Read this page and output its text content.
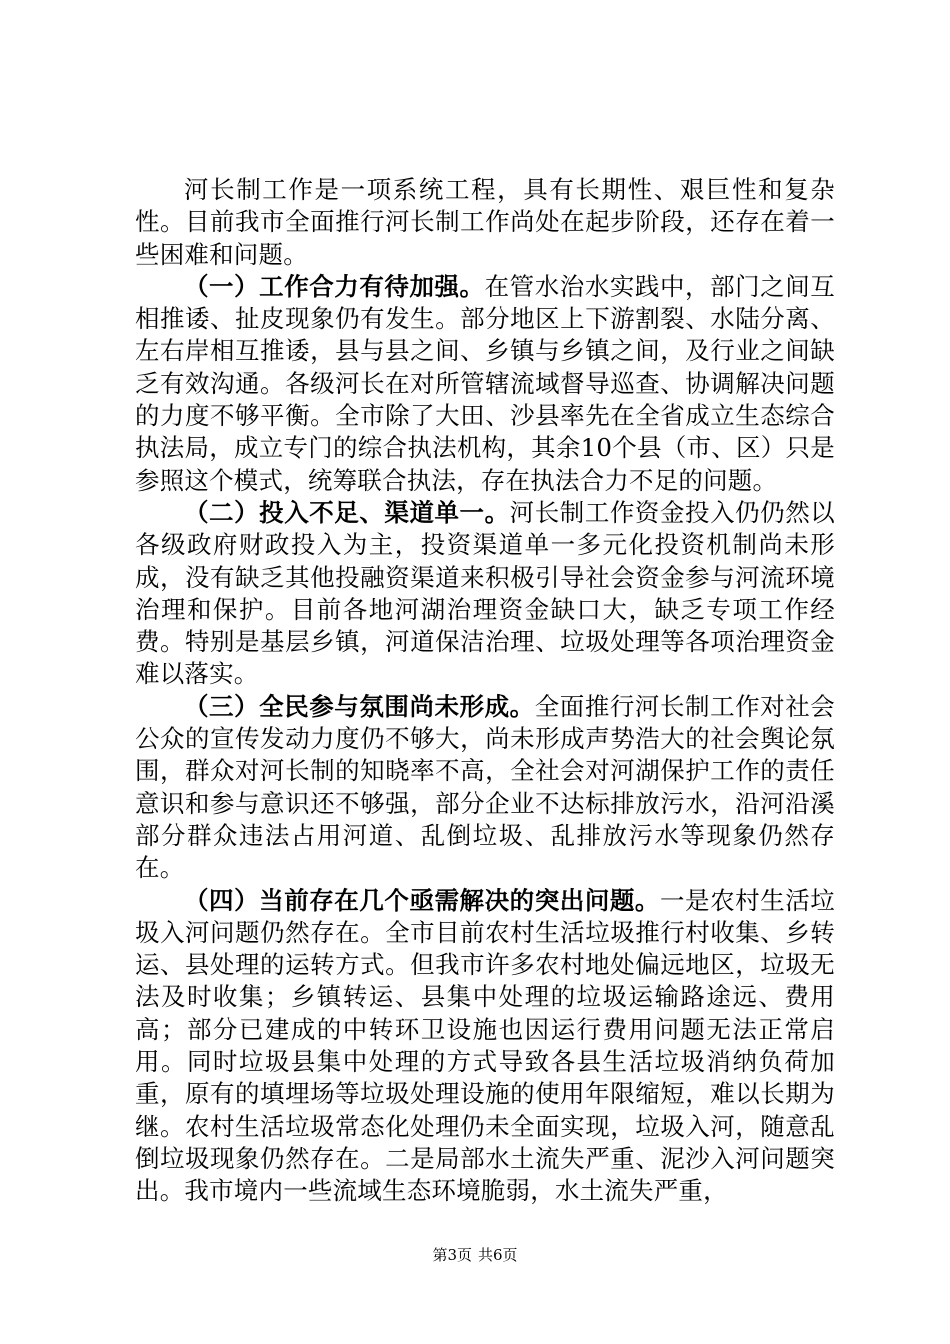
河长制工作是一项系统工程，具有长期性、艰巨性和复杂性。目前我市全面推行河长制工作尚处在起步阶段，还存在着一些困难和问题。

（一）工作合力有待加强。在管水治水实践中，部门之间互相推诿、扯皮现象仍有发生。部分地区上下游割裂、水陆分离、左右岸相互推诿，县与县之间、乡镇与乡镇之间，及行业之间缺乏有效沟通。各级河长在对所管辖流域督导巡查、协调解决问题的力度不够平衡。全市除了大田、沙县率先在全省成立生态综合执法局，成立专门的综合执法机构，其余10个县（市、区）只是参照这个模式，统筹联合执法，存在执法合力不足的问题。

（二）投入不足、渠道单一。河长制工作资金投入仍仍然以各级政府财政投入为主，投资渠道单一多元化投资机制尚未形成，没有缺乏其他投融资渠道来积极引导社会资金参与河流环境治理和保护。目前各地河湖治理资金缺口大，缺乏专项工作经费。特别是基层乡镇，河道保洁治理、垃圾处理等各项治理资金难以落实。

（三）全民参与氛围尚未形成。全面推行河长制工作对社会公众的宣传发动力度仍不够大，尚未形成声势浩大的社会舆论氛围，群众对河长制的知晓率不高，全社会对河湖保护工作的责任意识和参与意识还不够强，部分企业不达标排放污水，沿河沿溪部分群众违法占用河道、乱倒垃圾、乱排放污水等现象仍然存在。

（四）当前存在几个亟需解决的突出问题。一是农村生活垃圾入河问题仍然存在。全市目前农村生活垃圾推行村收集、乡转运、县处理的运转方式。但我市许多农村地处偏远地区，垃圾无法及时收集；乡镇转运、县集中处理的垃圾运输路途远、费用高；部分已建成的中转环卫设施也因运行费用问题无法正常启用。同时垃圾县集中处理的方式导致各县生活垃圾消纳负荷加重，原有的填埋场等垃圾处理设施的使用年限缩短，难以长期为继。农村生活垃圾常态化处理仍未全面实现，垃圾入河，随意乱倒垃圾现象仍然存在。二是局部水土流失严重、泥沙入河问题突出。我市境内一些流域生态环境脆弱，水土流失严重，

第3页 共6页
